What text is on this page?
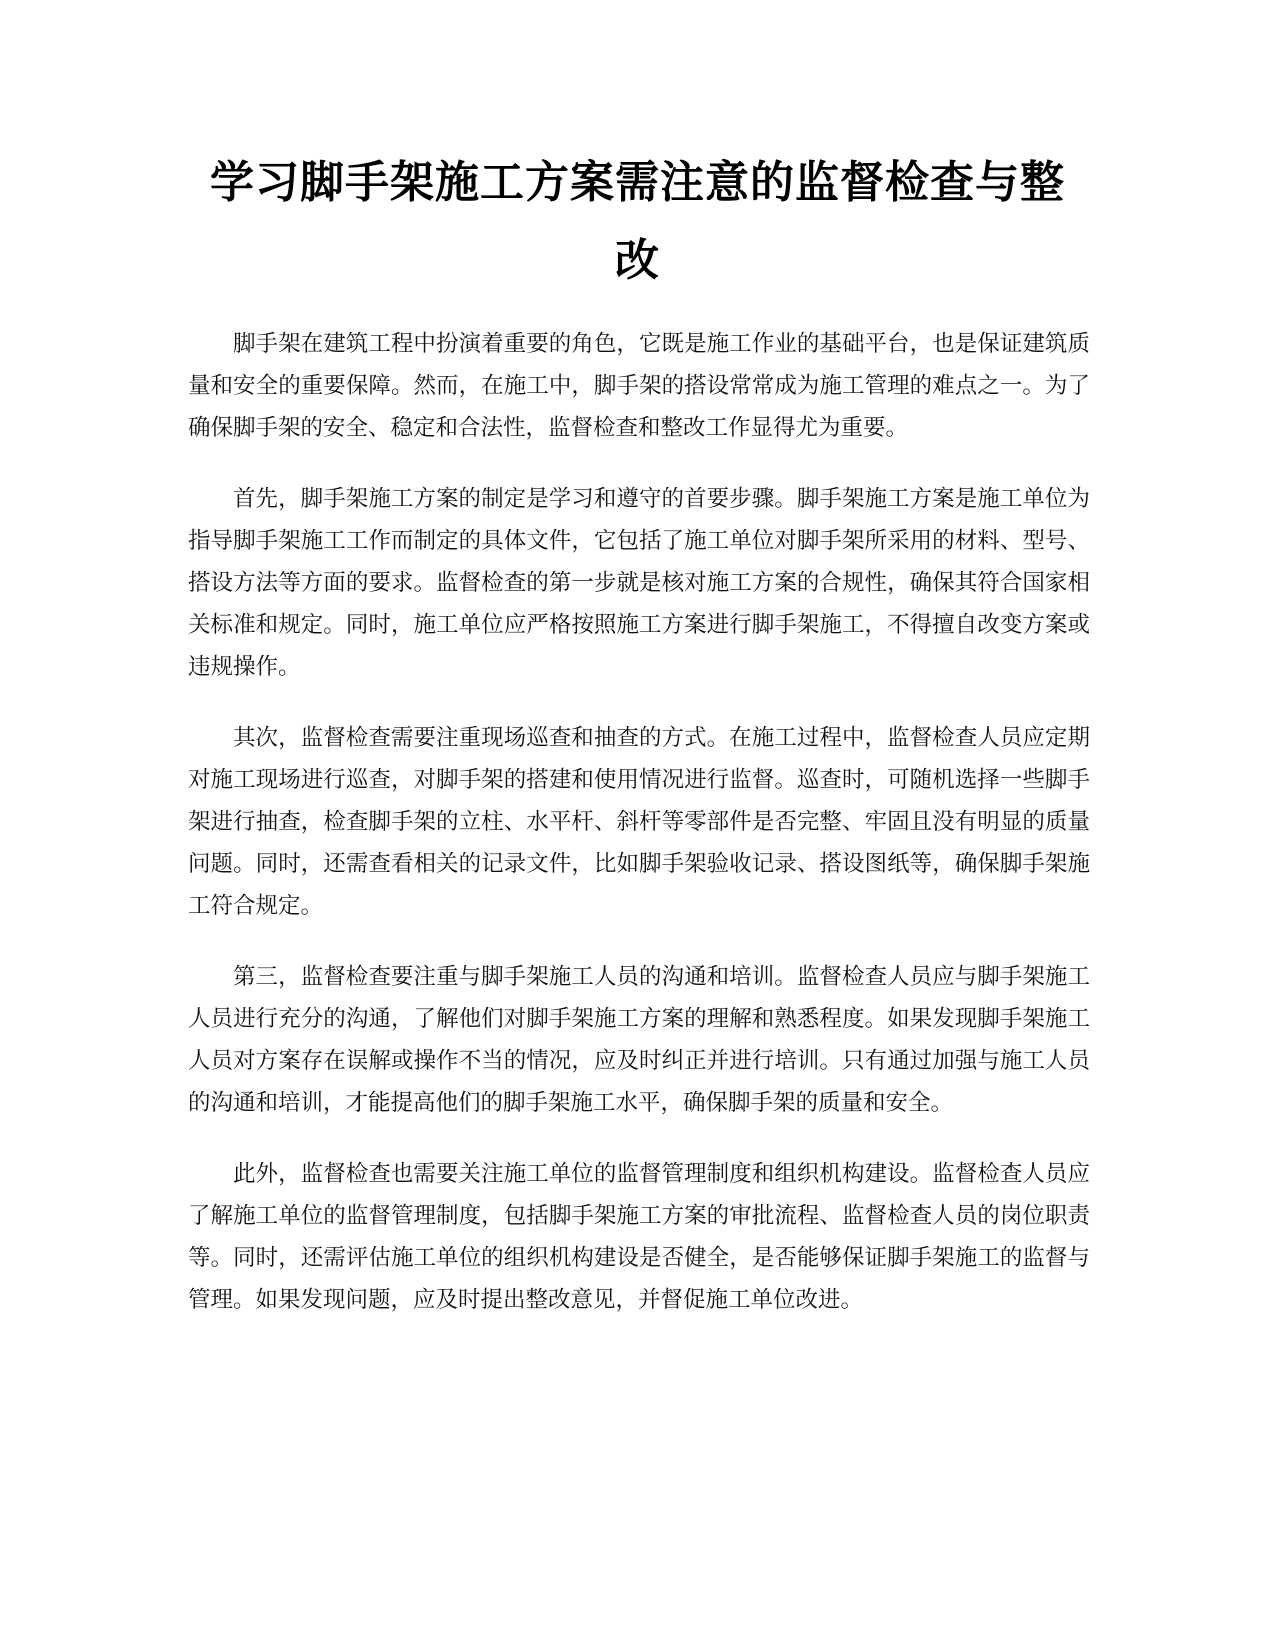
学习脚手架施工方案需注意的监督检查与整改

脚手架在建筑工程中扮演着重要的角色，它既是施工作业的基础平台，也是保证建筑质量和安全的重要保障。然而，在施工中，脚手架的搭设常常成为施工管理的难点之一。为了确保脚手架的安全、稳定和合法性，监督检查和整改工作显得尤为重要。

首先，脚手架施工方案的制定是学习和遵守的首要步骤。脚手架施工方案是施工单位为指导脚手架施工工作而制定的具体文件，它包括了施工单位对脚手架所采用的材料、型号、搭设方法等方面的要求。监督检查的第一步就是核对施工方案的合规性，确保其符合国家相关标准和规定。同时，施工单位应严格按照施工方案进行脚手架施工，不得擅自改变方案或违规操作。

其次，监督检查需要注重现场巡查和抽查的方式。在施工过程中，监督检查人员应定期对施工现场进行巡查，对脚手架的搭建和使用情况进行监督。巡查时，可随机选择一些脚手架进行抽查，检查脚手架的立柱、水平杆、斜杆等零部件是否完整、牢固且没有明显的质量问题。同时，还需查看相关的记录文件，比如脚手架验收记录、搭设图纸等，确保脚手架施工符合规定。

第三，监督检查要注重与脚手架施工人员的沟通和培训。监督检查人员应与脚手架施工人员进行充分的沟通，了解他们对脚手架施工方案的理解和熟悉程度。如果发现脚手架施工人员对方案存在误解或操作不当的情况，应及时纠正并进行培训。只有通过加强与施工人员的沟通和培训，才能提高他们的脚手架施工水平，确保脚手架的质量和安全。

此外，监督检查也需要关注施工单位的监督管理制度和组织机构建设。监督检查人员应了解施工单位的监督管理制度，包括脚手架施工方案的审批流程、监督检查人员的岗位职责等。同时，还需评估施工单位的组织机构建设是否健全，是否能够保证脚手架施工的监督与管理。如果发现问题，应及时提出整改意见，并督促施工单位改进。
